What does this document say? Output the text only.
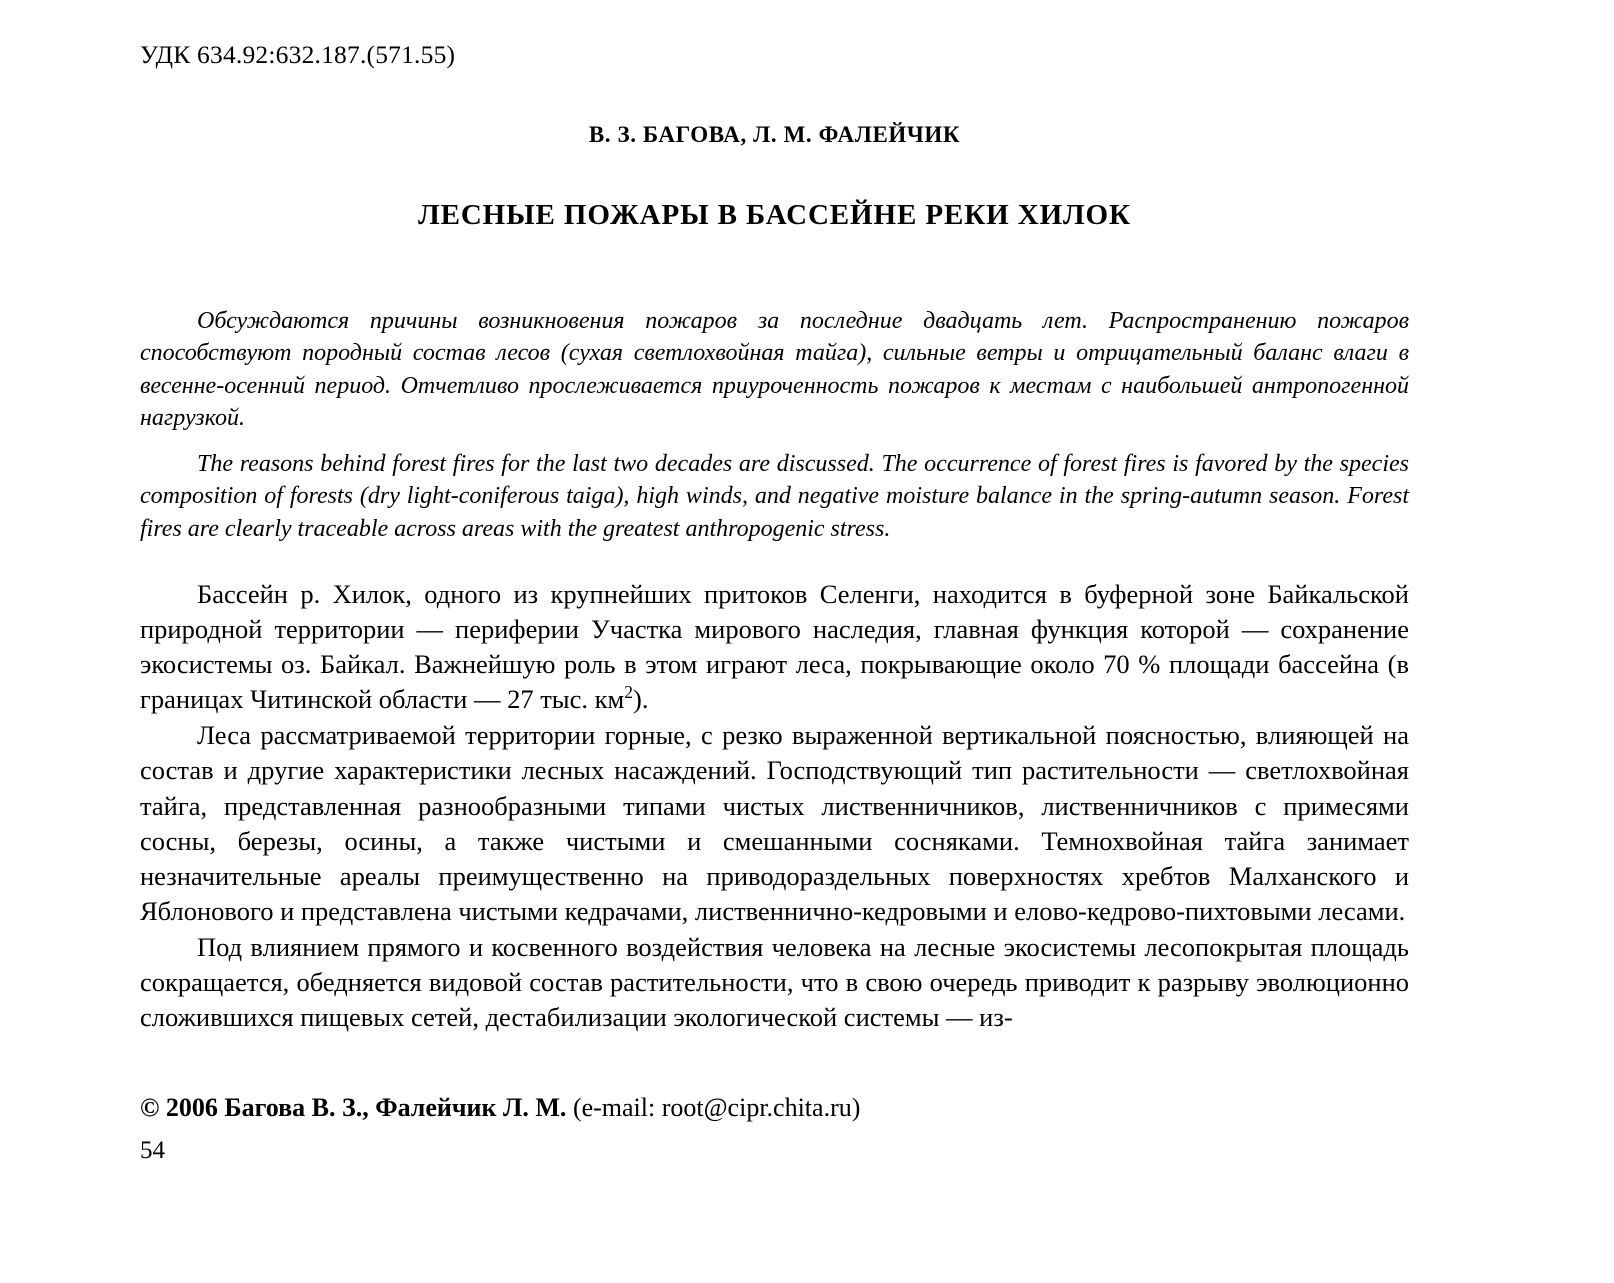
УДК 634.92:632.187.(571.55)
В. З. БАГОВА, Л. М. ФАЛЕЙЧИК
ЛЕСНЫЕ ПОЖАРЫ В БАССЕЙНЕ РЕКИ ХИЛОК

Обсуждаются причины возникновения пожаров за последние двадцать лет. Распространению пожаров способствуют породный состав лесов (сухая светлохвойная тайга), сильные ветры и отрицательный баланс влаги в весенне-осенний период. Отчетливо прослеживается приуроченность пожаров к местам с наибольшей антропогенной нагрузкой.

The reasons behind forest fires for the last two decades are discussed. The occurrence of forest fires is favored by the species composition of forests (dry light-coniferous taiga), high winds, and negative moisture balance in the spring-autumn season. Forest fires are clearly traceable across areas with the greatest anthropogenic stress.

Бассейн р. Хилок, одного из крупнейших притоков Селенги, находится в буферной зоне Байкальской природной территории — периферии Участка мирового наследия, главная функция которой — сохранение экосистемы оз. Байкал. Важнейшую роль в этом играют леса, покрывающие около 70 % площади бассейна (в границах Читинской области — 27 тыс. $км^2$).

Леса рассматриваемой территории горные, с резко выраженной вертикальной поясностью, влияющей на состав и другие характеристики лесных насаждений. Господствующий тип растительности — светлохвойная тайга, представленная разнообразными типами чистых лиственничников, лиственничников с примесями сосны, березы, осины, а также чистыми и смешанными сосняками. Темнохвойная тайга занимает незначительные ареалы преимущественно на приводораздельных поверхностях хребтов Малханского и Яблонового и представлена чистыми кедрачами, лиственнично-кедровыми и елово-кедрово-пихтовыми лесами.

Под влиянием прямого и косвенного воздействия человека на лесные экосистемы лесопокрытая площадь сокращается, обедняется видовой состав растительности, что в свою очередь приводит к разрыву эволюционно сложившихся пищевых сетей, дестабилизации экологической системы — из-

© 2006 Багова В. З., Фалейчик Л. М. (e-mail: root@cipr.chita.ru)

54
